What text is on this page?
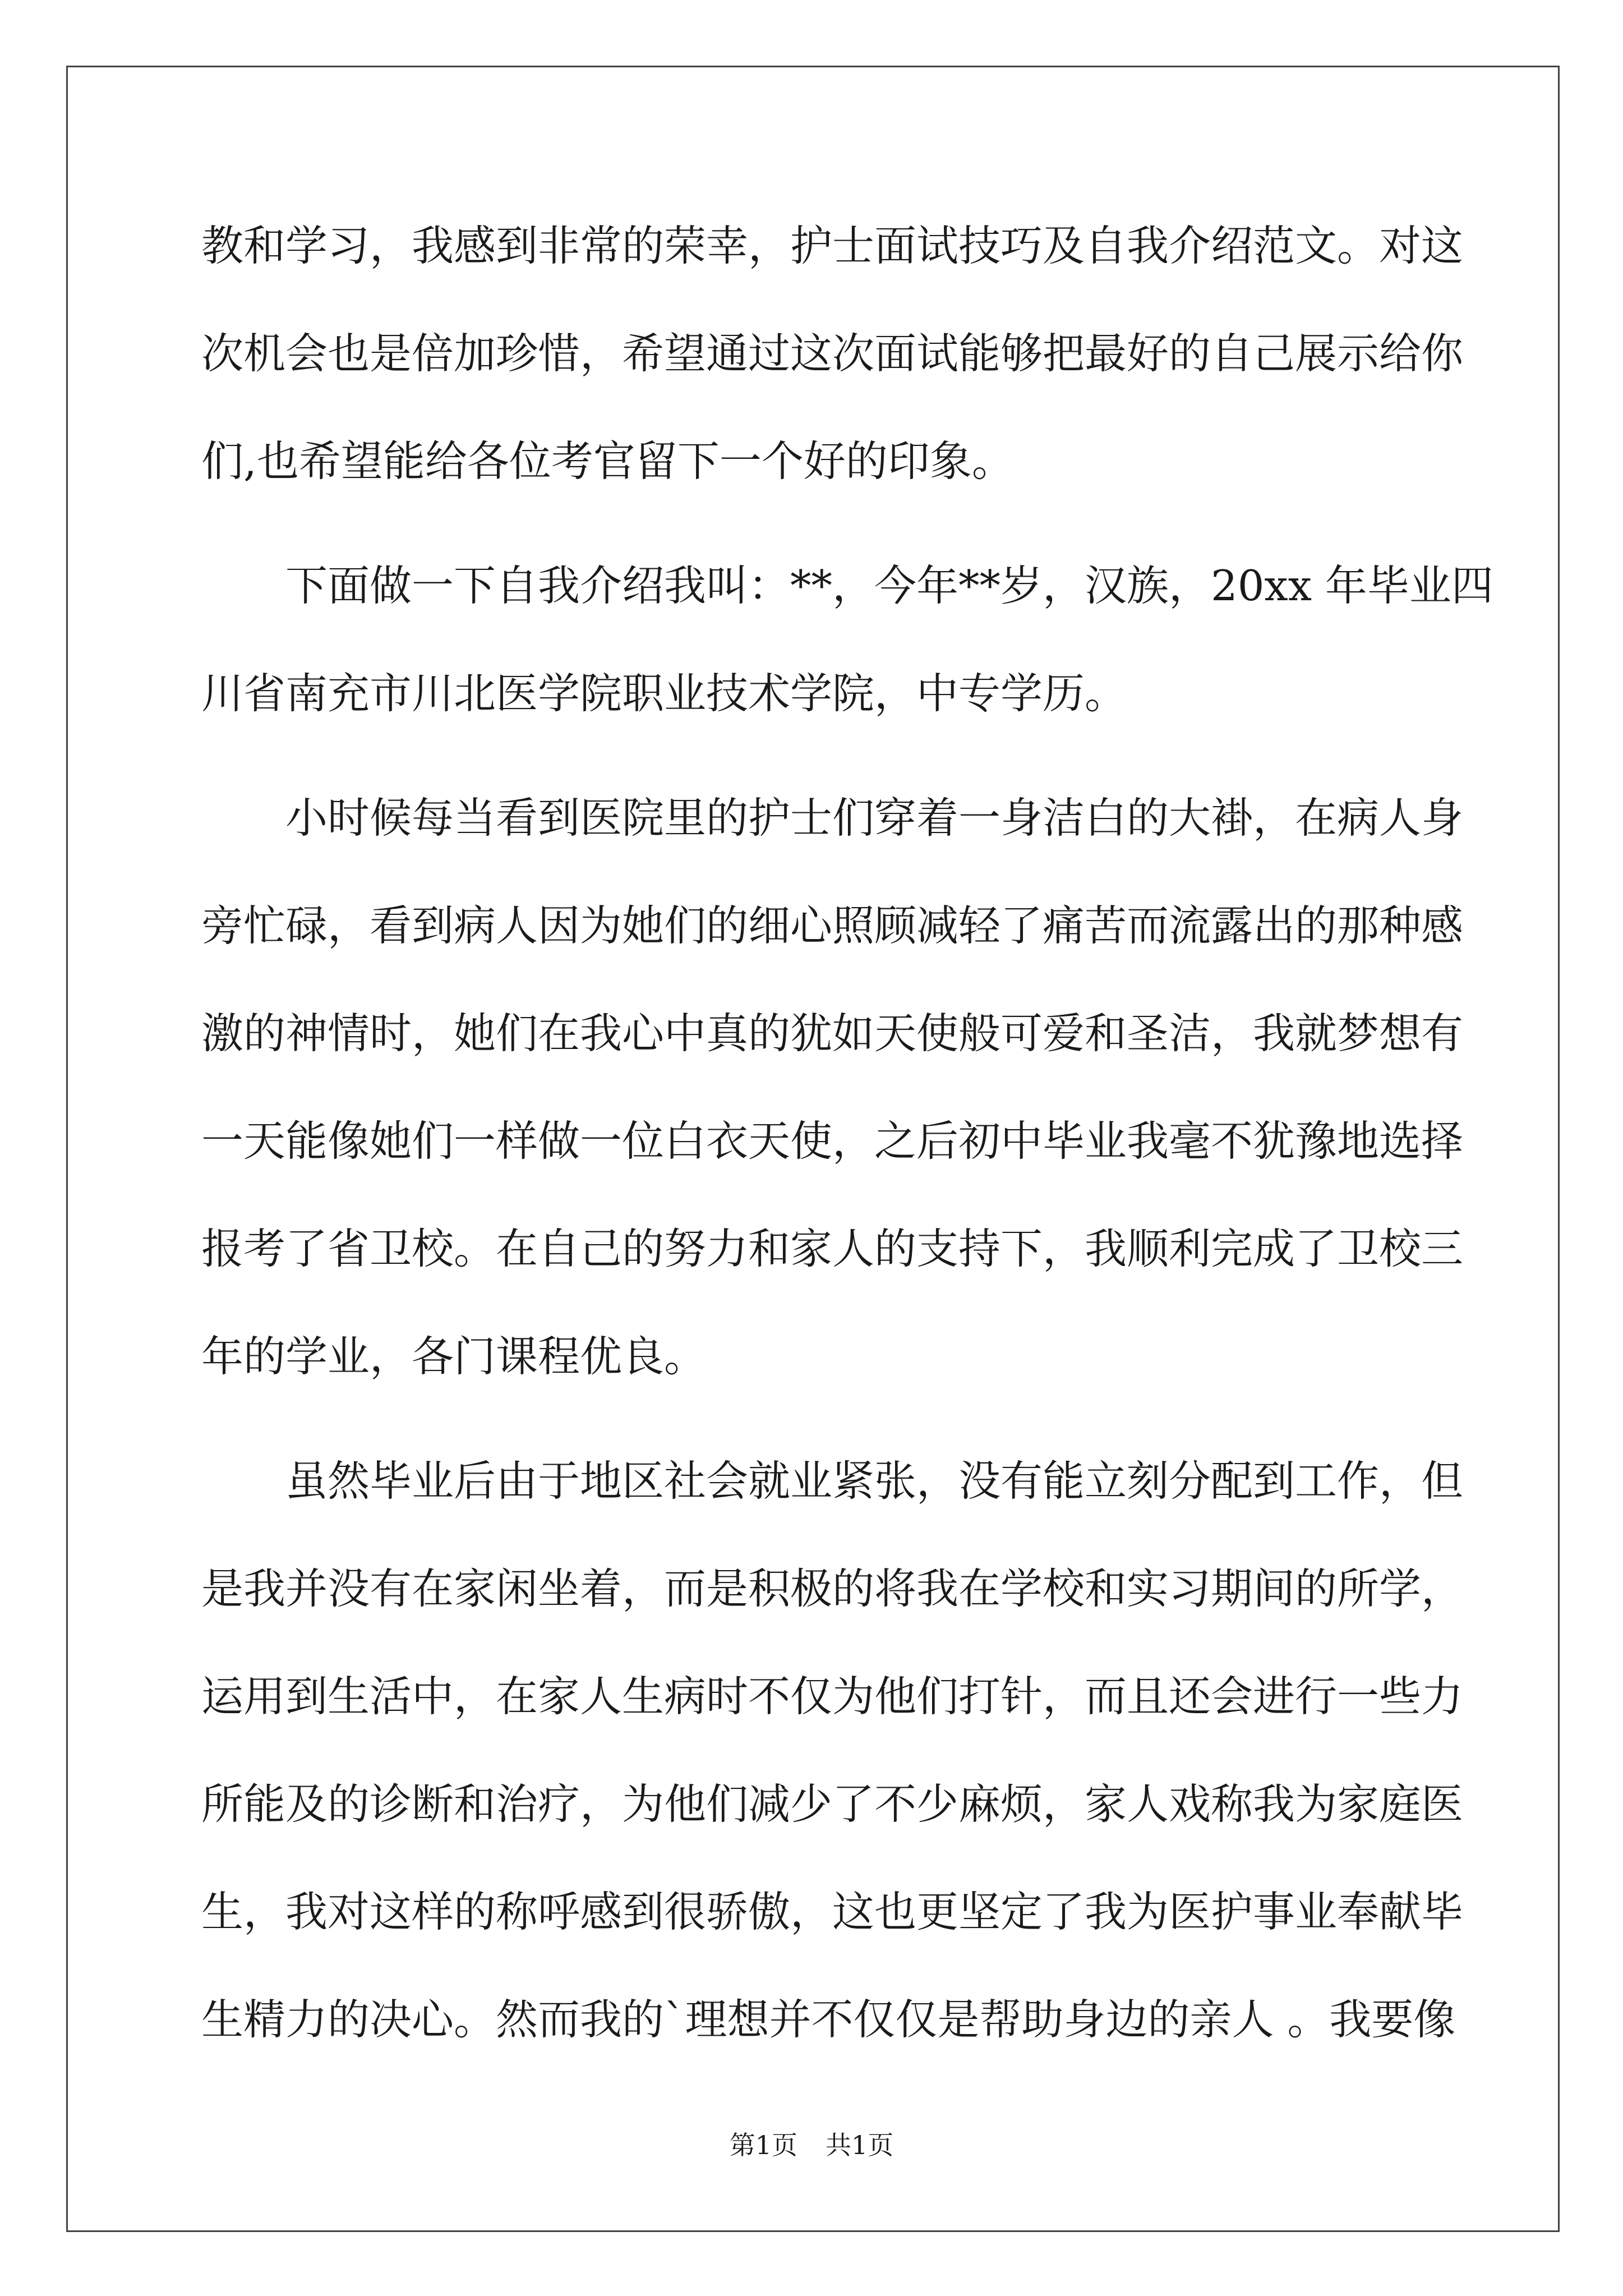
教和学习，我感到非常的荣幸，护士面试技巧及自我介绍范文。对这
次机会也是倍加珍惜，希望通过这次面试能够把最好的自己展示给你
们,也希望能给各位考官留下一个好的印象。
下面做一下自我介绍我叫：**，今年**岁，汉族，20xx 年毕业四
川省南充市川北医学院职业技术学院，中专学历。
小时候每当看到医院里的护士们穿着一身洁白的大褂，在病人身
旁忙碌，看到病人因为她们的细心照顾减轻了痛苦而流露出的那种感
激的神情时，她们在我心中真的犹如天使般可爱和圣洁，我就梦想有
一天能像她们一样做一位白衣天使，之后初中毕业我毫不犹豫地选择
报考了省卫校。在自己的努力和家人的支持下，我顺利完成了卫校三
年的学业，各门课程优良。
虽然毕业后由于地区社会就业紧张，没有能立刻分配到工作，但
是我并没有在家闲坐着，而是积极的将我在学校和实习期间的所学，
运用到生活中，在家人生病时不仅为他们打针，而且还会进行一些力
所能及的诊断和治疗，为他们减少了不少麻烦，家人戏称我为家庭医
生，我对这样的称呼感到很骄傲，这也更坚定了我为医护事业奉献毕
生精力的决心。然而我的`理想并不仅仅是帮助身边的亲人 。我要像
第1页 共1页
